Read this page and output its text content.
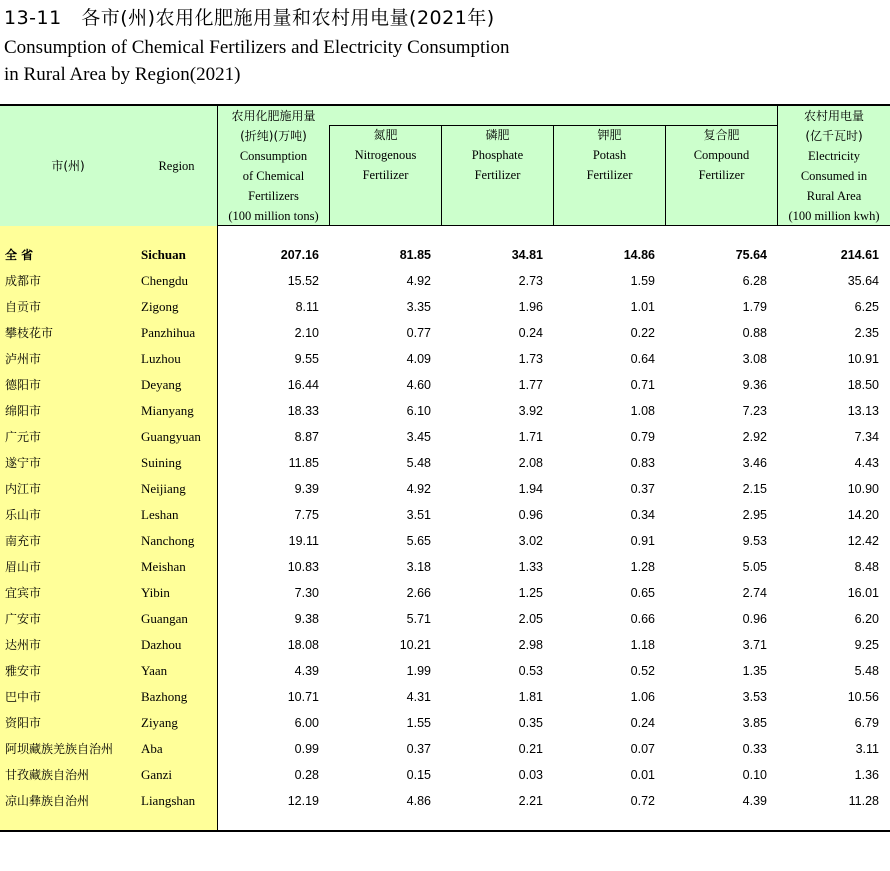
13-11　各市(州)农用化肥施用量和农村用电量(2021年)
Consumption of Chemical Fertilizers and Electricity Consumption
in Rural Area by Region(2021)
市(州)	Region
农用化肥施用量
(折纯)(万吨)
Consumption
of Chemical
Fertilizers
(100 million tons)
氮肥
Nitrogenous
Fertilizer
磷肥
Phosphate
Fertilizer
钾肥
Potash
Fertilizer
复合肥
Compound
Fertilizer
农村用电量
(亿千瓦时)
Electricity
Consumed in
Rural Area
(100 million kwh)
全 省	Sichuan	207.16	81.85	34.81	14.86	75.64	214.61
成都市	Chengdu	15.52	4.92	2.73	1.59	6.28	35.64
自贡市	Zigong	8.11	3.35	1.96	1.01	1.79	6.25
攀枝花市	Panzhihua	2.10	0.77	0.24	0.22	0.88	2.35
泸州市	Luzhou	9.55	4.09	1.73	0.64	3.08	10.91
德阳市	Deyang	16.44	4.60	1.77	0.71	9.36	18.50
绵阳市	Mianyang	18.33	6.10	3.92	1.08	7.23	13.13
广元市	Guangyuan	8.87	3.45	1.71	0.79	2.92	7.34
遂宁市	Suining	11.85	5.48	2.08	0.83	3.46	4.43
内江市	Neijiang	9.39	4.92	1.94	0.37	2.15	10.90
乐山市	Leshan	7.75	3.51	0.96	0.34	2.95	14.20
南充市	Nanchong	19.11	5.65	3.02	0.91	9.53	12.42
眉山市	Meishan	10.83	3.18	1.33	1.28	5.05	8.48
宜宾市	Yibin	7.30	2.66	1.25	0.65	2.74	16.01
广安市	Guangan	9.38	5.71	2.05	0.66	0.96	6.20
达州市	Dazhou	18.08	10.21	2.98	1.18	3.71	9.25
雅安市	Yaan	4.39	1.99	0.53	0.52	1.35	5.48
巴中市	Bazhong	10.71	4.31	1.81	1.06	3.53	10.56
资阳市	Ziyang	6.00	1.55	0.35	0.24	3.85	6.79
阿坝藏族羌族自治州 Aba	0.99	0.37	0.21	0.07	0.33	3.11
甘孜藏族自治州	Ganzi	0.28	0.15	0.03	0.01	0.10	1.36
凉山彝族自治州	Liangshan	12.19	4.86	2.21	0.72	4.39	11.28
